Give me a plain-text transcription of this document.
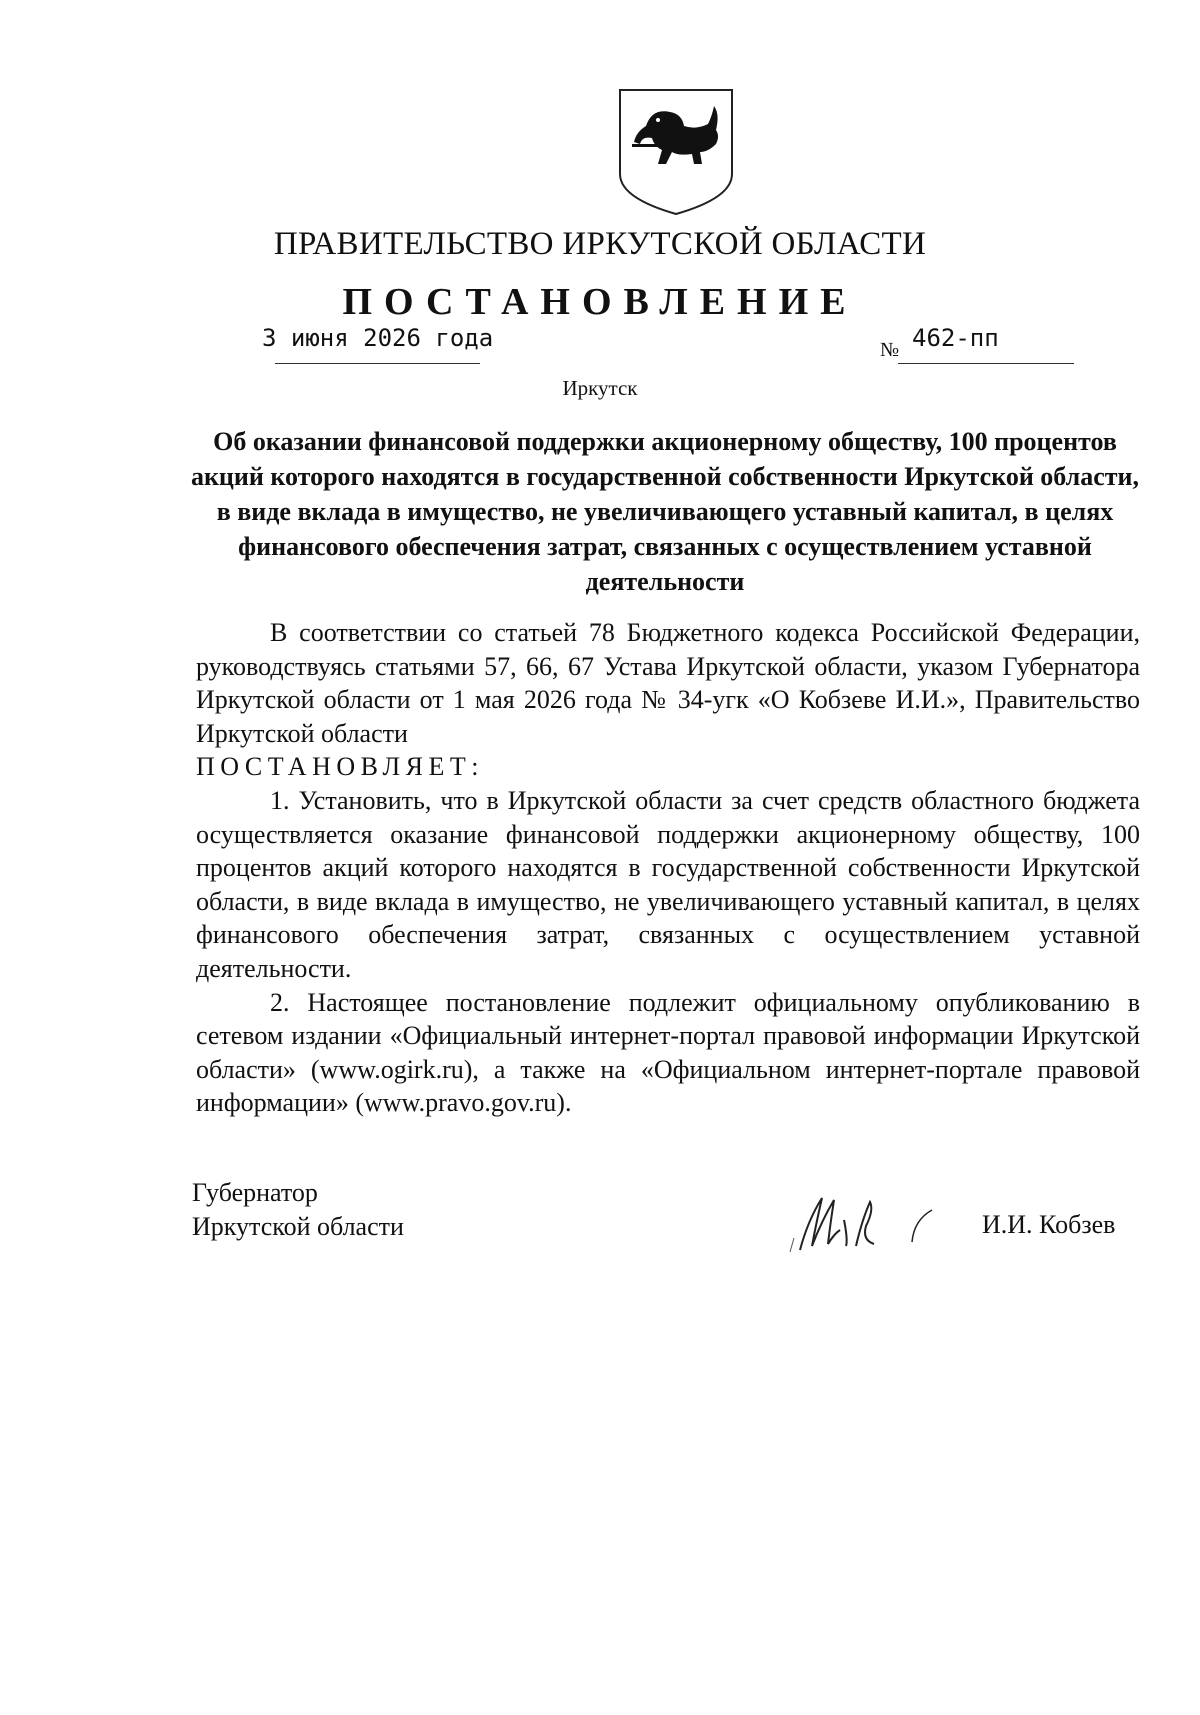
ПРАВИТЕЛЬСТВО ИРКУТСКОЙ ОБЛАСТИ
ПОСТАНОВЛЕНИЕ
3 июня 2026 года	№ 462-пп
Иркутск
Об оказании финансовой поддержки акционерному обществу, 100 процентов акций которого находятся в государственной собственности Иркутской области, в виде вклада в имущество, не увеличивающего уставный капитал, в целях финансового обеспечения затрат, связанных с осуществлением уставной деятельности

В соответствии со статьей 78 Бюджетного кодекса Российской Федерации, руководствуясь статьями 57, 66, 67 Устава Иркутской области, указом Губернатора Иркутской области от 1 мая 2026 года № 34-угк «О Кобзеве И.И.», Правительство Иркутской области

ПОСТАНОВЛЯЕТ:

1. Установить, что в Иркутской области за счет средств областного бюджета осуществляется оказание финансовой поддержки акционерному обществу, 100 процентов акций которого находятся в государственной собственности Иркутской области, в виде вклада в имущество, не увеличивающего уставный капитал, в целях финансового обеспечения затрат, связанных с осуществлением уставной деятельности.

2. Настоящее постановление подлежит официальному опубликованию в сетевом издании «Официальный интернет-портал правовой информации Иркутской области» (www.ogirk.ru), а также на «Официальном интернет-портале правовой информации» (www.pravo.gov.ru).

Губернатор
Иркутской области	И.И. Кобзев
